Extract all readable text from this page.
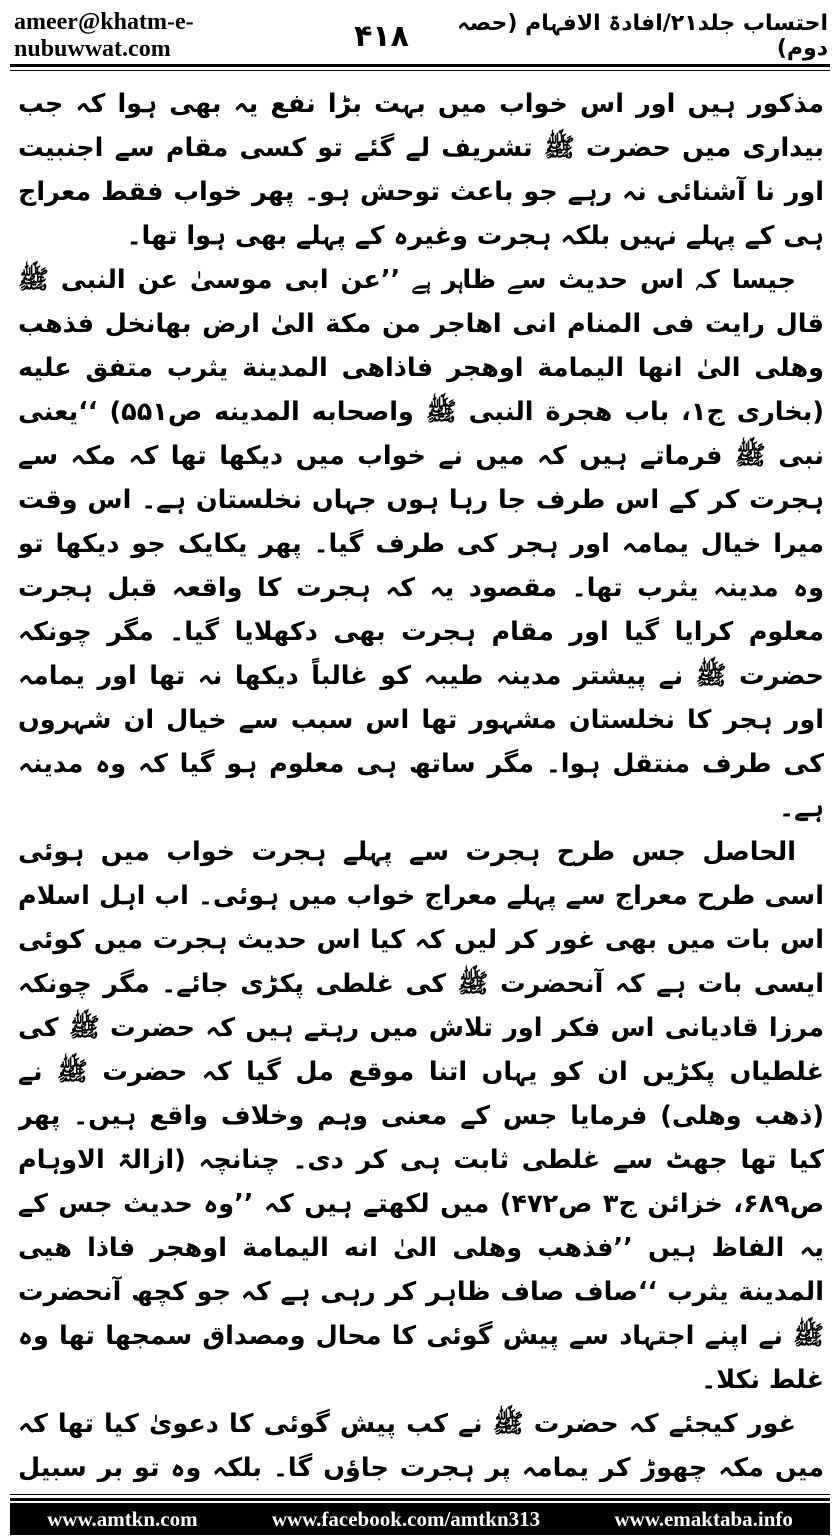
ameer@khatm-e-nubuwwat.com	۴۱۸	احتساب جلد۲۱/افادۃ الافہام (حصہ دوم)

مذکور ہیں اور اس خواب میں بہت بڑا نفع یہ بھی ہوا کہ جب بیداری میں حضرت ﷺ تشریف لے گئے تو کسی مقام سے اجنبیت اور نا آشنائی نہ رہے جو باعث توحش ہو۔ پھر خواب فقط معراج ہی کے پہلے نہیں بلکہ ہجرت وغیرہ کے پہلے بھی ہوا تھا۔

جیسا کہ اس حدیث سے ظاہر ہے ’’عن ابی موسیٰ عن النبی ﷺ قال رایت فی المنام انی اھاجر من مکة الیٰ ارض بھانخل فذھب وھلی الیٰ انھا الیمامة اوھجر فاذاھی المدینة یثرب متفق علیه (بخاری ج۱، باب ھجرة النبی ﷺ واصحابه المدینه ص۵۵۱) ‘‘یعنی نبی ﷺ فرماتے ہیں کہ میں نے خواب میں دیکھا تھا کہ مکہ سے ہجرت کر کے اس طرف جا رہا ہوں جہاں نخلستان ہے۔ اس وقت میرا خیال یمامہ اور ہجر کی طرف گیا۔ پھر یکایک جو دیکھا تو وہ مدینہ یثرب تھا۔ مقصود یہ کہ ہجرت کا واقعہ قبل ہجرت معلوم کرایا گیا اور مقام ہجرت بھی دکھلایا گیا۔ مگر چونکہ حضرت ﷺ نے پیشتر مدینہ طیبہ کو غالباً دیکھا نہ تھا اور یمامہ اور ہجر کا نخلستان مشہور تھا اس سبب سے خیال ان شہروں کی طرف منتقل ہوا۔ مگر ساتھ ہی معلوم ہو گیا کہ وہ مدینہ ہے۔

الحاصل جس طرح ہجرت سے پہلے ہجرت خواب میں ہوئی اسی طرح معراج سے پہلے معراج خواب میں ہوئی۔ اب اہل اسلام اس بات میں بھی غور کر لیں کہ کیا اس حدیث ہجرت میں کوئی ایسی بات ہے کہ آنحضرت ﷺ کی غلطی پکڑی جائے۔ مگر چونکہ مرزا قادیانی اس فکر اور تلاش میں رہتے ہیں کہ حضرت ﷺ کی غلطیاں پکڑیں ان کو یہاں اتنا موقع مل گیا کہ حضرت ﷺ نے (ذھب وھلی) فرمایا جس کے معنی وہم وخلاف واقع ہیں۔ پھر کیا تھا جھٹ سے غلطی ثابت ہی کر دی۔ چنانچہ (ازالۃ الاوہام ص۶۸۹، خزائن ج۳ ص۴۷۲) میں لکھتے ہیں کہ ’’وہ حدیث جس کے یہ الفاظ ہیں ’’فذھب وھلی الیٰ انه الیمامة اوھجر فاذا ھیی المدینة یثرب ‘‘صاف صاف ظاہر کر رہی ہے کہ جو کچھ آنحضرت ﷺ نے اپنے اجتہاد سے پیش گوئی کا محال ومصداق سمجھا تھا وہ غلط نکلا۔

غور کیجئے کہ حضرت ﷺ نے کب پیش گوئی کا دعویٰ کیا تھا کہ میں مکہ چھوڑ کر یمامہ پر ہجرت جاؤں گا۔ بلکہ وہ تو بر سبیل

www.amtkn.com	www.facebook.com/amtkn313	www.emaktaba.info
